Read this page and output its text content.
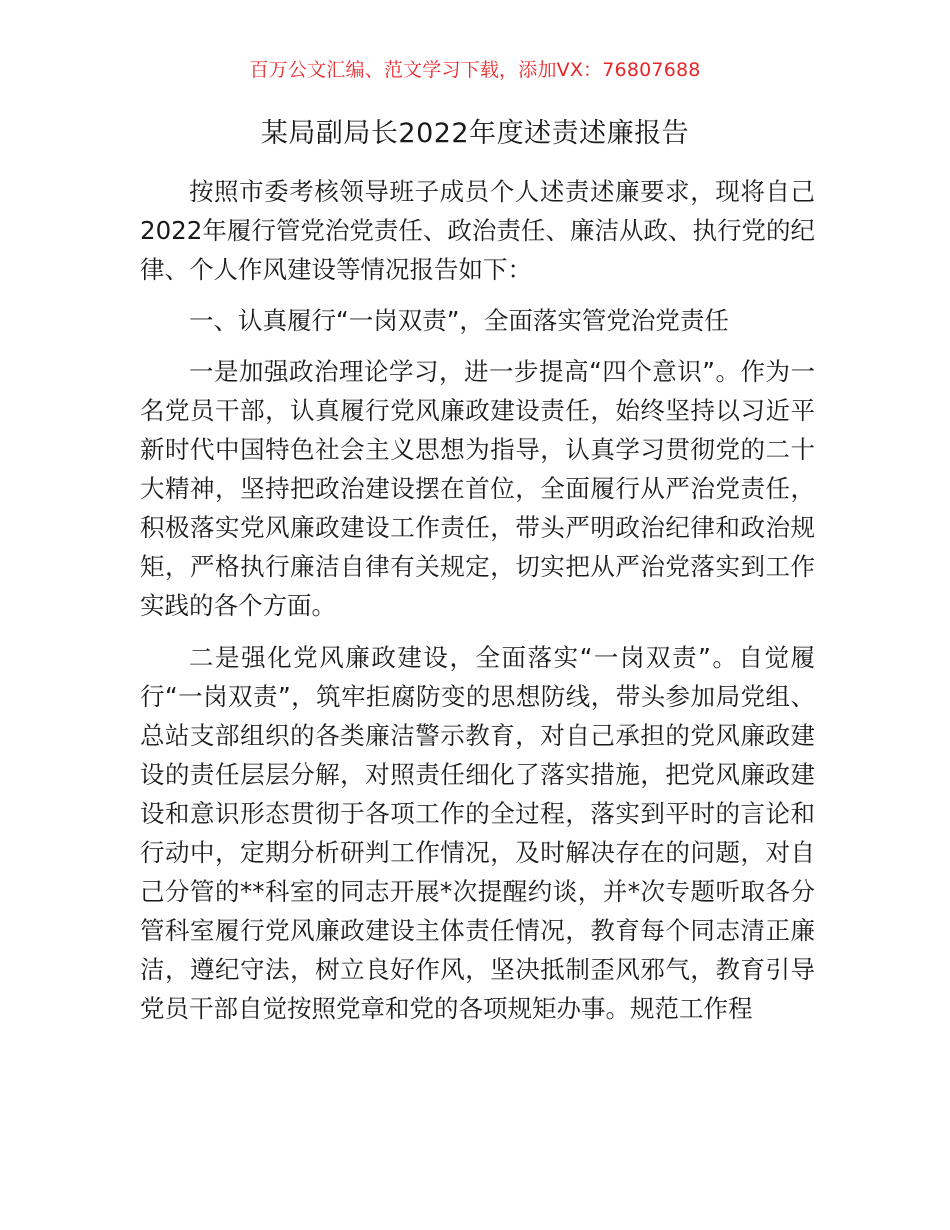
百万公文汇编、范文学习下载，添加VX：76807688
某局副局长2022年度述责述廉报告

按照市委考核领导班子成员个人述责述廉要求，现将自己2022年履行管党治党责任、政治责任、廉洁从政、执行党的纪律、个人作风建设等情况报告如下：

一、认真履行“一岗双责”，全面落实管党治党责任

一是加强政治理论学习，进一步提高“四个意识”。作为一名党员干部，认真履行党风廉政建设责任，始终坚持以习近平新时代中国特色社会主义思想为指导，认真学习贯彻党的二十大精神，坚持把政治建设摆在首位，全面履行从严治党责任，积极落实党风廉政建设工作责任，带头严明政治纪律和政治规矩，严格执行廉洁自律有关规定，切实把从严治党落实到工作实践的各个方面。

二是强化党风廉政建设，全面落实“一岗双责”。自觉履行“一岗双责”，筑牢拒腐防变的思想防线，带头参加局党组、总站支部组织的各类廉洁警示教育，对自己承担的党风廉政建设的责任层层分解，对照责任细化了落实措施，把党风廉政建设和意识形态贯彻于各项工作的全过程，落实到平时的言论和行动中，定期分析研判工作情况，及时解决存在的问题，对自己分管的**科室的同志开展*次提醒约谈，并*次专题听取各分管科室履行党风廉政建设主体责任情况，教育每个同志清正廉洁，遵纪守法，树立良好作风，坚决抵制歪风邪气，教育引导党员干部自觉按照党章和党的各项规矩办事。规范工作程
